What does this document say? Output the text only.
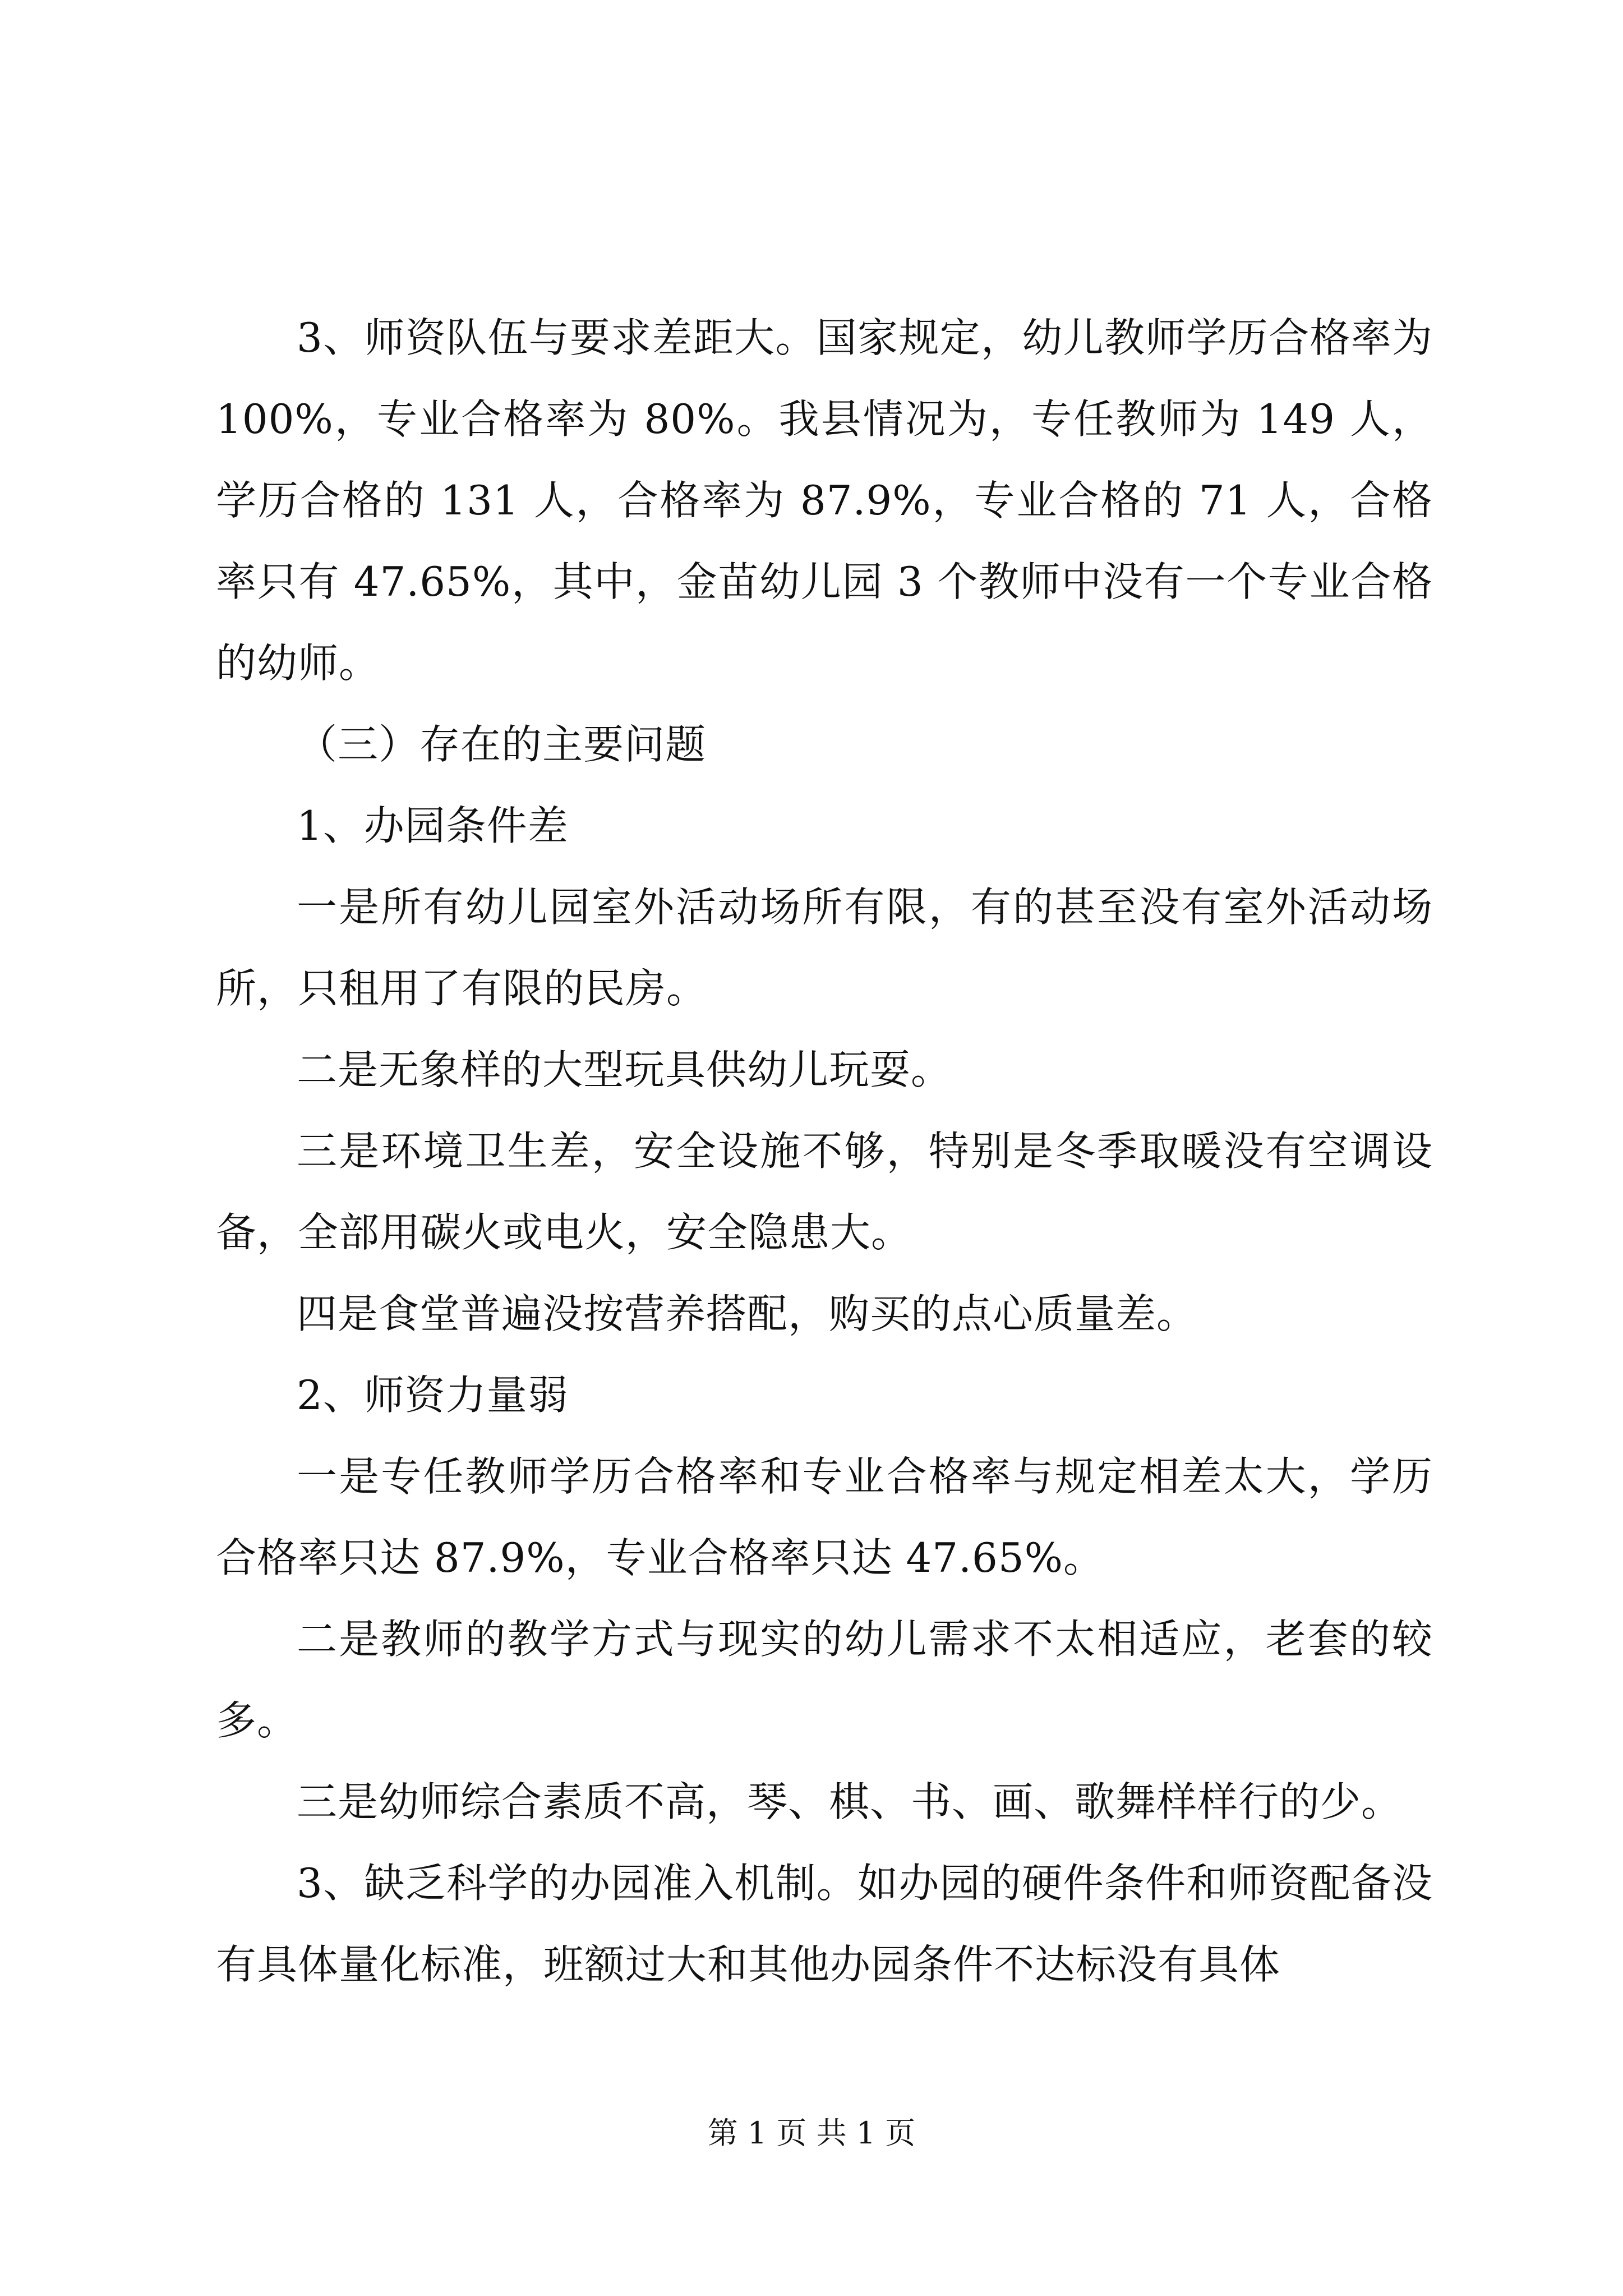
3、师资队伍与要求差距大。国家规定，幼儿教师学历合格率为 100%，专业合格率为 80%。我县情况为，专任教师为 149 人，学历合格的 131 人，合格率为 87.9%，专业合格的 71 人，合格率只有 47.65%，其中，金苗幼儿园 3 个教师中没有一个专业合格的幼师。

（三）存在的主要问题

1、办园条件差

一是所有幼儿园室外活动场所有限，有的甚至没有室外活动场所，只租用了有限的民房。

二是无象样的大型玩具供幼儿玩耍。

三是环境卫生差，安全设施不够，特别是冬季取暖没有空调设备，全部用碳火或电火，安全隐患大。

四是食堂普遍没按营养搭配，购买的点心质量差。

2、师资力量弱

一是专任教师学历合格率和专业合格率与规定相差太大，学历合格率只达 87.9%，专业合格率只达 47.65%。

二是教师的教学方式与现实的幼儿需求不太相适应，老套的较多。

三是幼师综合素质不高，琴、棋、书、画、歌舞样样行的少。

3、缺乏科学的办园准入机制。如办园的硬件条件和师资配备没有具体量化标准，班额过大和其他办园条件不达标没有具体

第 1 页 共 1 页
